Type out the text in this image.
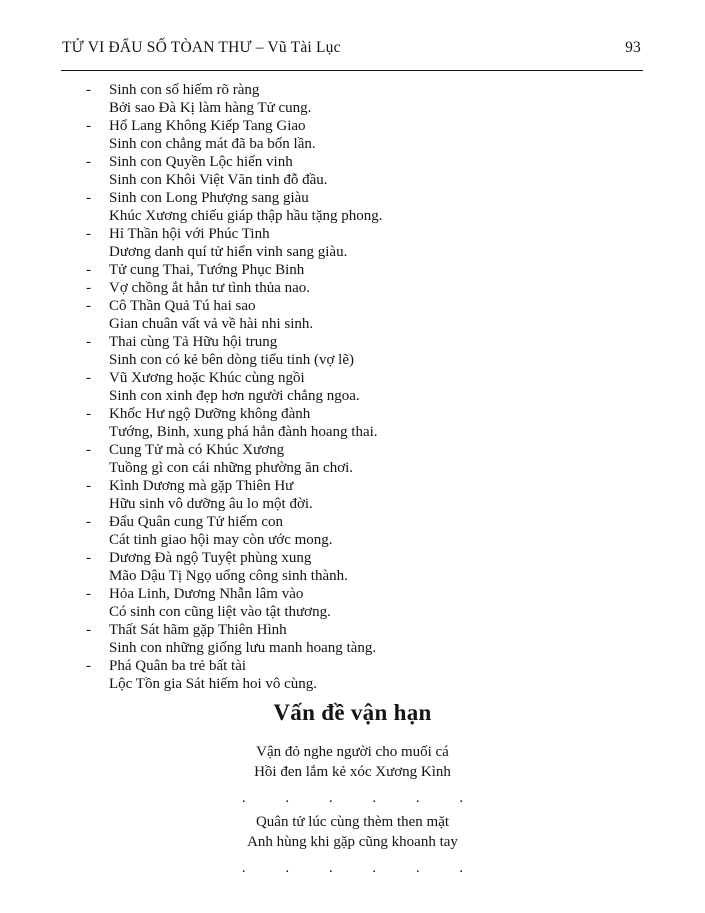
TỬ VI ĐẨU SỐ TÒAN THƯ – Vũ Tài Lục	93
-	Sinh con số hiếm rõ ràng
Bởi sao Đà Kị làm hàng Tử cung.
-	Hổ Lang Không Kiếp Tang Giao
Sinh con chẳng mát đã ba bốn lần.
-	Sinh con Quyền Lộc hiển vinh
Sinh con Khôi Việt Văn tinh đỗ đầu.
-	Sinh con Long Phượng sang giàu
Khúc Xương chiếu giáp thập hầu tặng phong.
-	Hỉ Thần hội với Phúc Tinh
Dương danh quí tử hiển vinh sang giàu.
-	Tử cung Thai, Tướng Phục Binh
-	Vợ chồng ắt hẳn tư tình thủa nao.
-	Cô Thần Quả Tú hai sao
Gian chuân vất vả về hài nhi sinh.
-	Thai cùng Tả Hữu hội trung
Sinh con có kẻ bên dòng tiểu tinh (vợ lẽ)
-	Vũ Xương hoặc Khúc cùng ngồi
Sinh con xinh đẹp hơn người chẳng ngoa.
-	Khốc Hư ngộ Dưỡng không đành
Tướng, Binh, xung phá hẳn đành hoang thai.
-	Cung Tử mà có Khúc Xương
Tuồng gì con cái những phường ăn chơi.
-	Kình Dương mà gặp Thiên Hư
Hữu sinh vô dưỡng âu lo một đời.
-	Đẩu Quân cung Tử hiếm con
Cát tinh giao hội may còn ước mong.
-	Dương Đà ngộ Tuyệt phùng xung
Mão Dậu Tị Ngọ uổng công sinh thành.
-	Hỏa Linh, Dương Nhẫn lâm vào
Có sinh con cũng liệt vào tật thương.
-	Thất Sát hãm gặp Thiên Hình
Sinh con những giống lưu manh hoang tàng.
-	Phá Quân ba trẻ bất tài
Lộc Tồn gia Sát hiếm hoi vô cùng.
Vấn đề vận hạn
Vận đỏ nghe người cho muối cá
Hồi đen lắm kẻ xóc Xương Kình
. . . . . .
Quân tử lúc cùng thèm then mặt
Anh hùng khi gặp cũng khoanh tay
. . . . . .
